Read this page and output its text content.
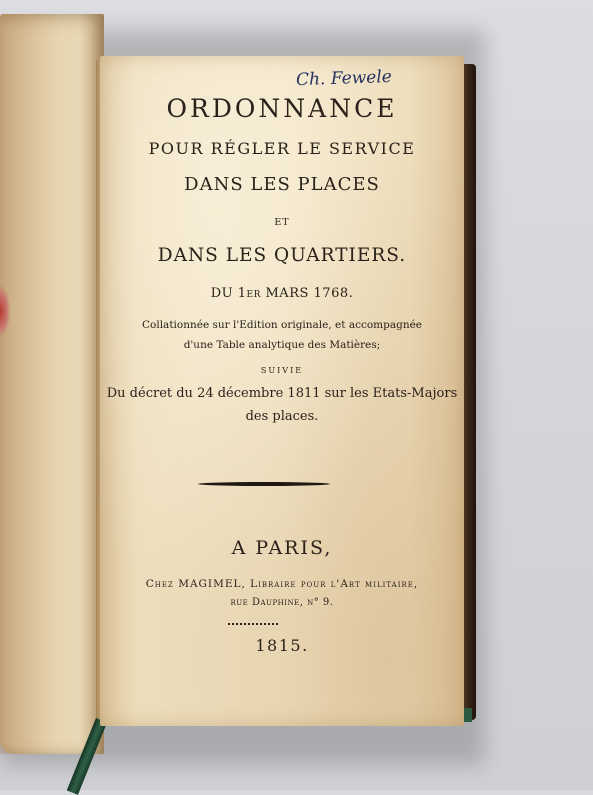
Ch. Fewele
ORDONNANCE
POUR RÉGLER LE SERVICE
DANS LES PLACES
ET
DANS LES QUARTIERS.
DU 1er MARS 1768.
Collationnée sur l'Edition originale, et accompagnée
d'une Table analytique des Matières;
SUIVIE
Du décret du 24 décembre 1811 sur les Etats-Majors
des places.
A PARIS,
Chez MAGIMEL, Libraire pour l'Art militaire,
rue Dauphine, n° 9.
1815.
